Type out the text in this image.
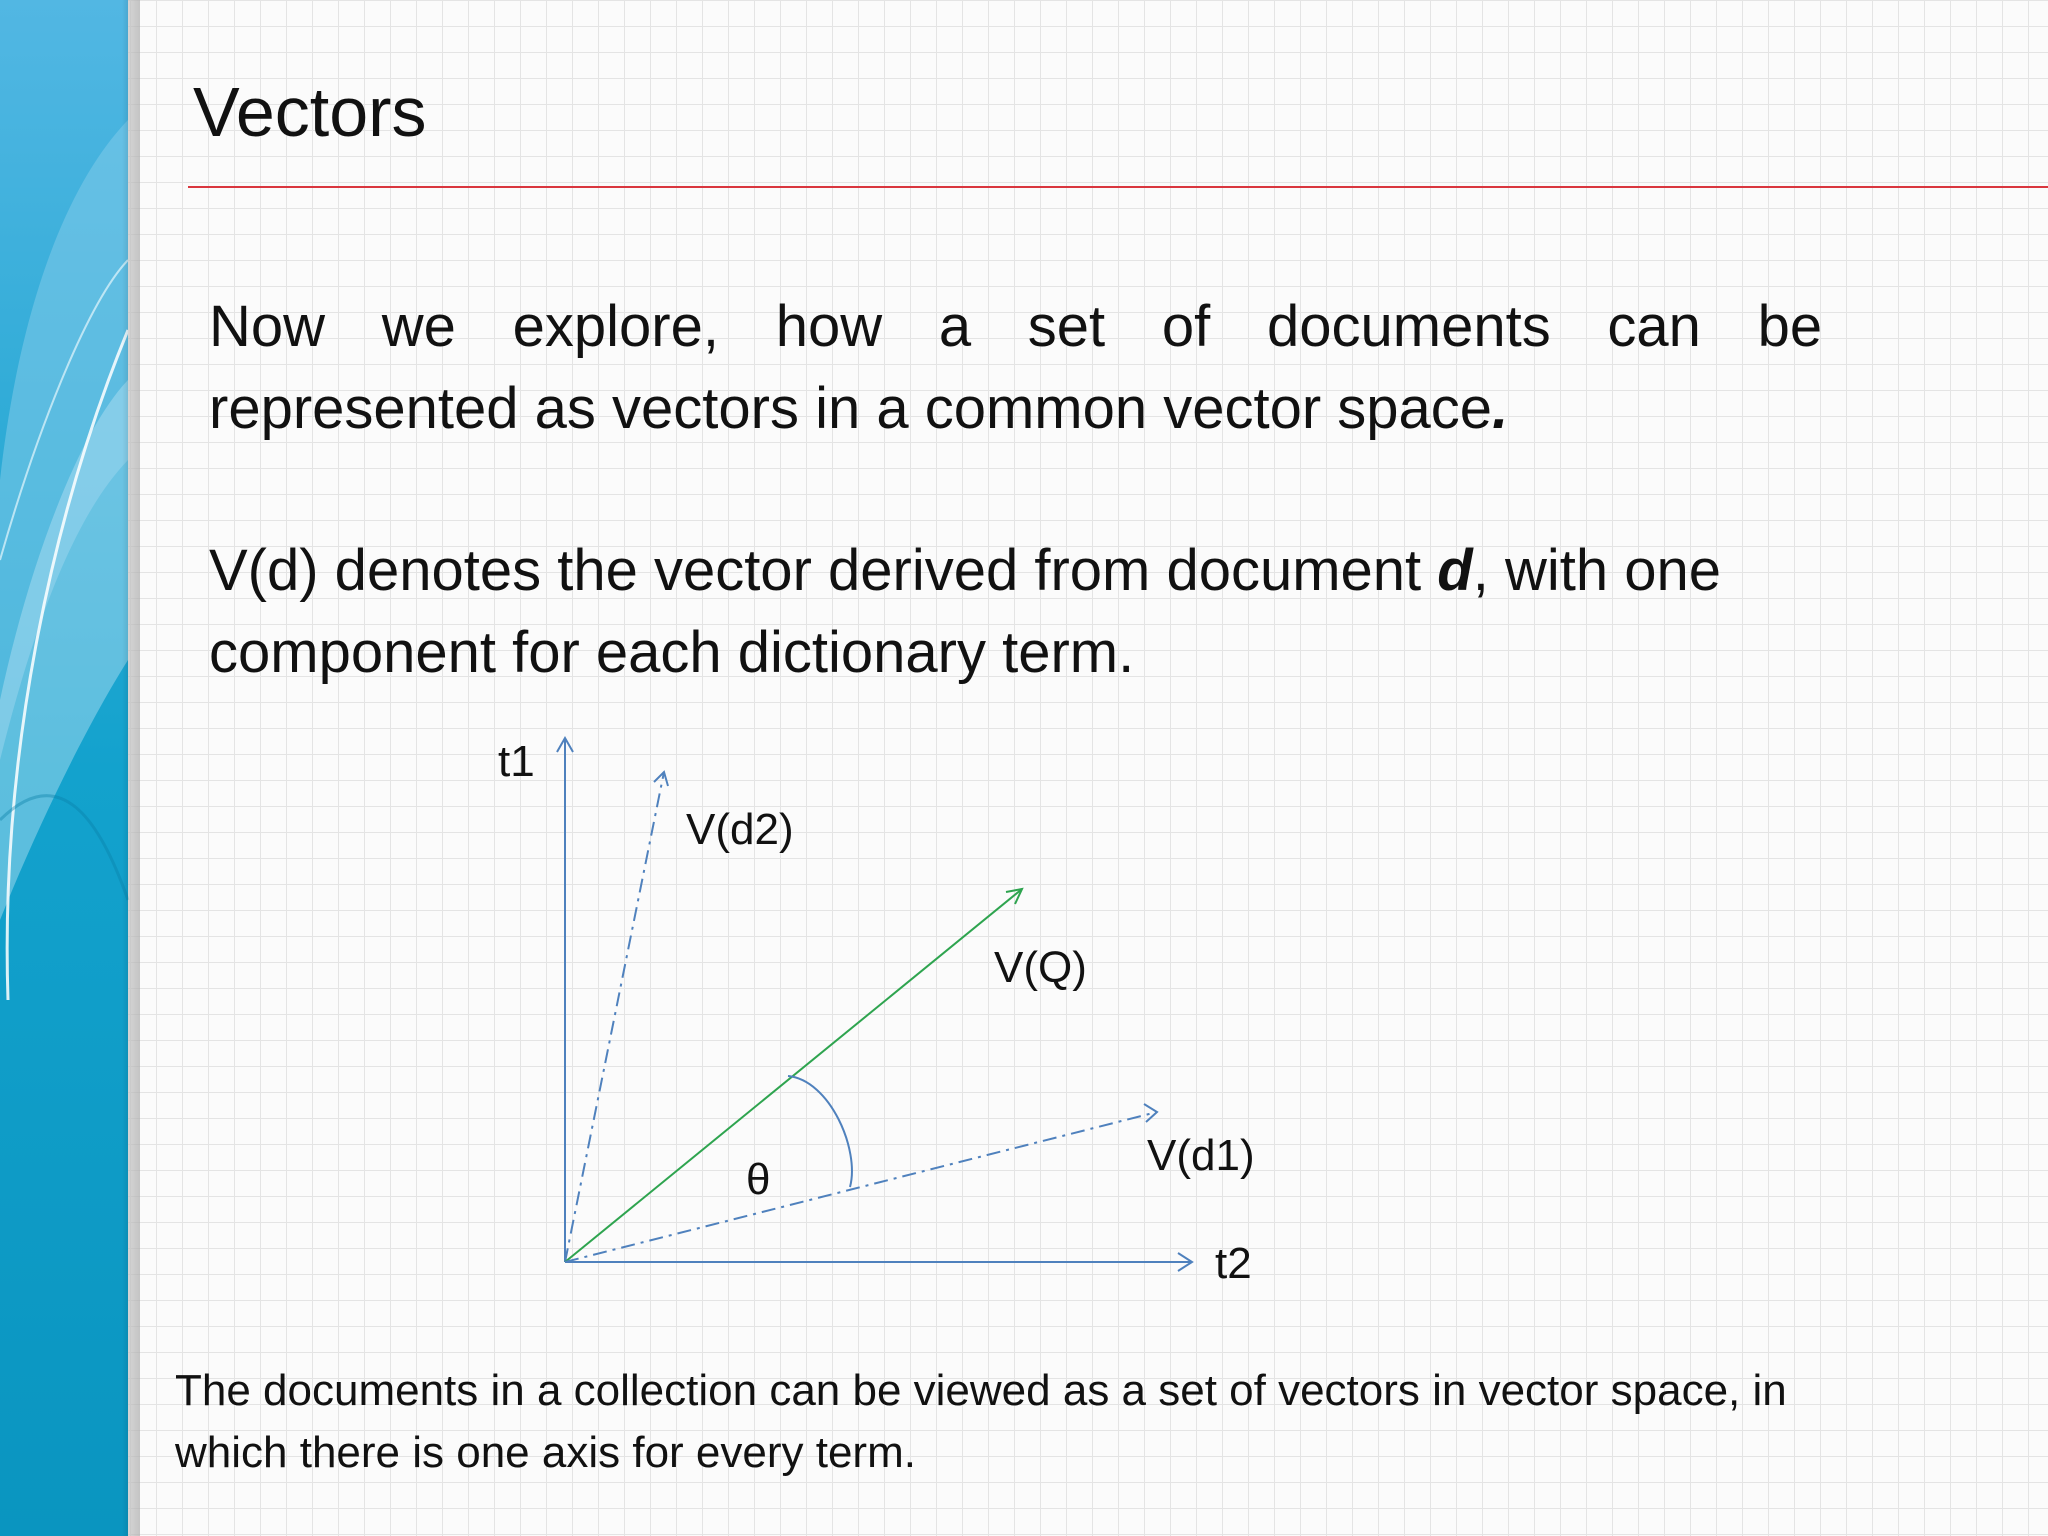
Vectors

Now we explore, how a set of documents can be
represented as vectors in a common vector space.

V(d) denotes the vector derived from document d, with one component for each dictionary term.

t1
V(d2)
V(Q)
V(d1)
θ
t2

The documents in a collection can be viewed as a set of vectors in vector space, in which there is one axis for every term.
